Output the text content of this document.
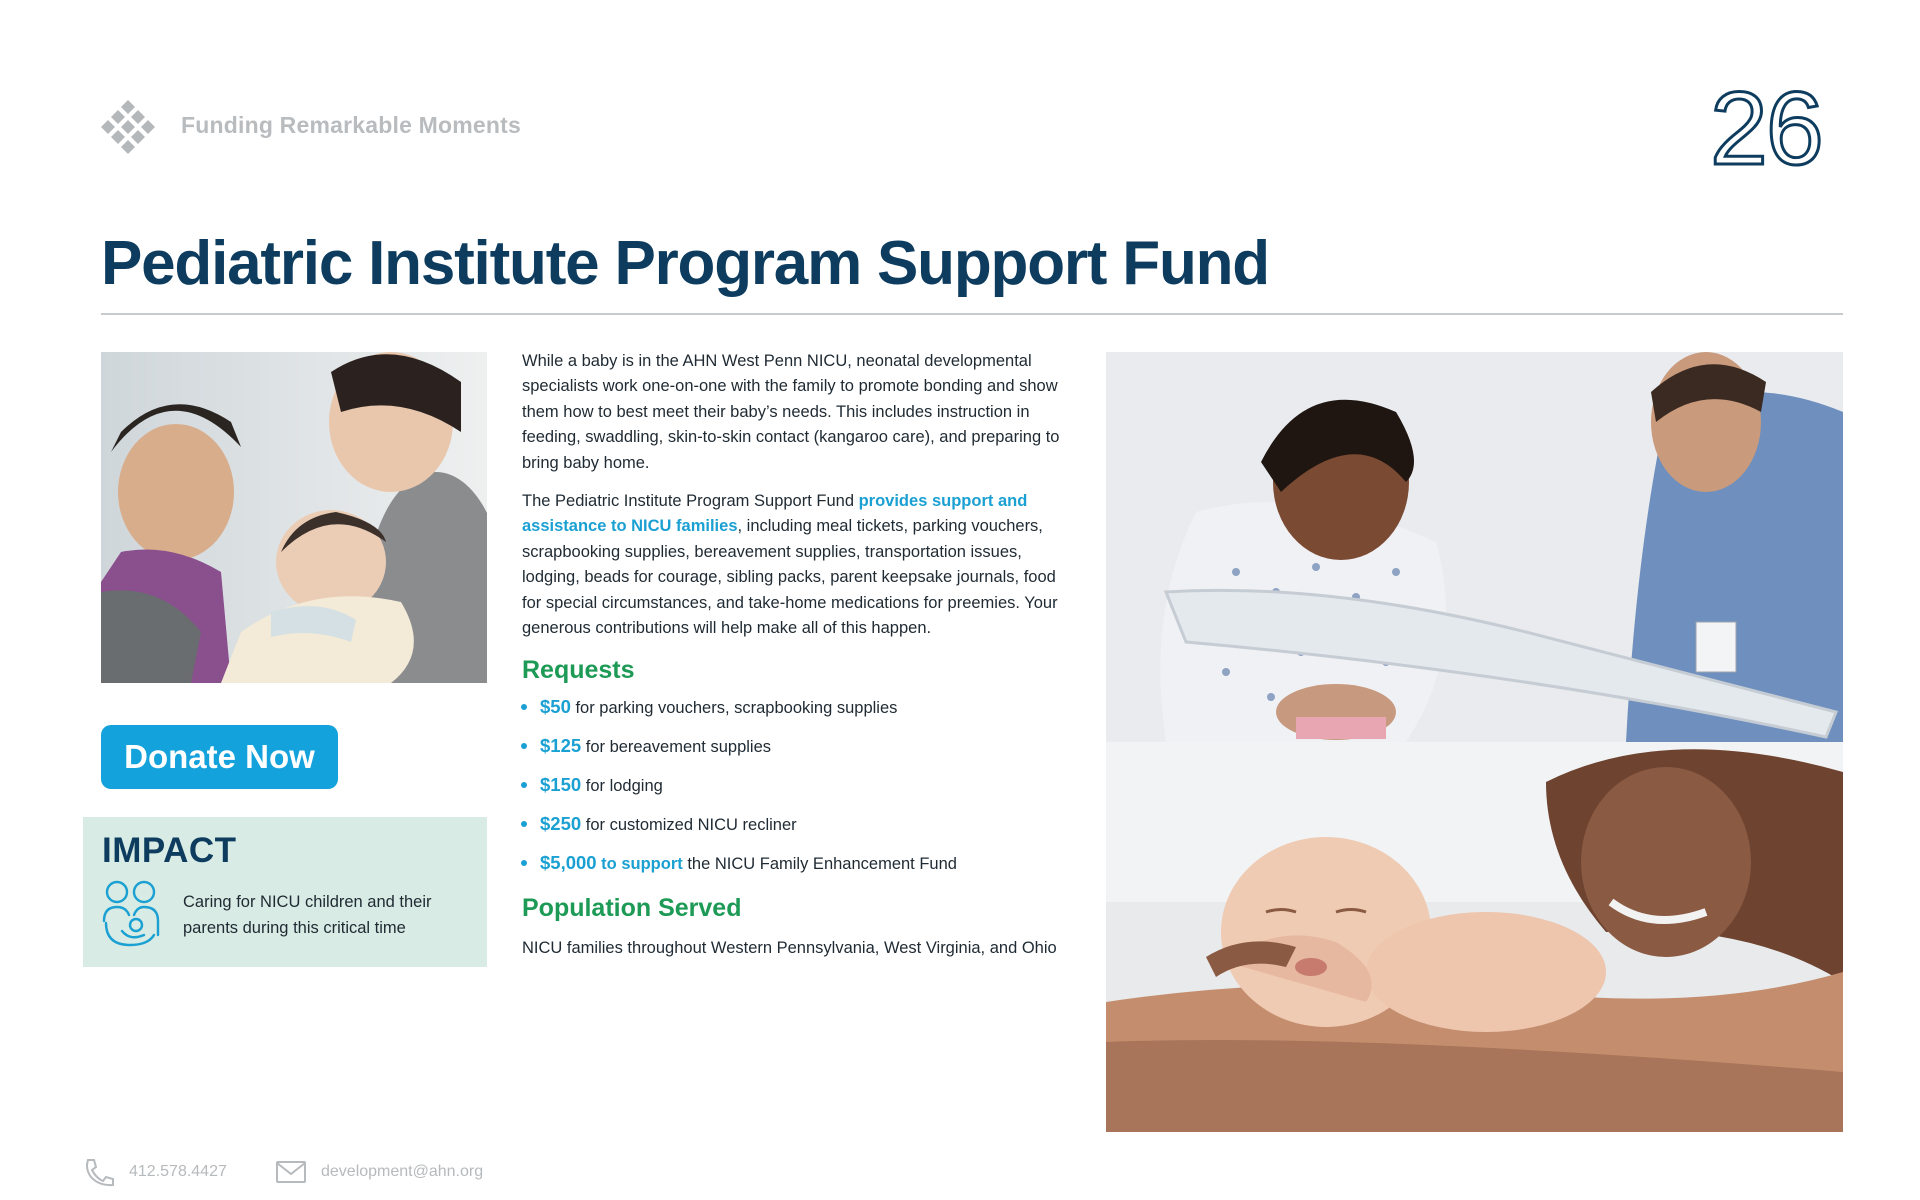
Funding Remarkable Moments	26
Pediatric Institute Program Support Fund
Donate Now
IMPACT
Caring for NICU children and their parents during this critical time

While a baby is in the AHN West Penn NICU, neonatal developmental specialists work one-on-one with the family to promote bonding and show them how to best meet their baby’s needs. This includes instruction in feeding, swaddling, skin-to-skin contact (kangaroo care), and preparing to bring baby home.

The Pediatric Institute Program Support Fund provides support and assistance to NICU families, including meal tickets, parking vouchers, scrapbooking supplies, bereavement supplies, transportation issues, lodging, beads for courage, sibling packs, parent keepsake journals, food for special circumstances, and take-home medications for preemies. Your generous contributions will help make all of this happen.

Requests
$50 for parking vouchers, scrapbooking supplies
$125 for bereavement supplies
$150 for lodging
$250 for customized NICU recliner
$5,000 to support the NICU Family Enhancement Fund
Population Served

NICU families throughout Western Pennsylvania, West Virginia, and Ohio

412.578.4427	development@ahn.org
